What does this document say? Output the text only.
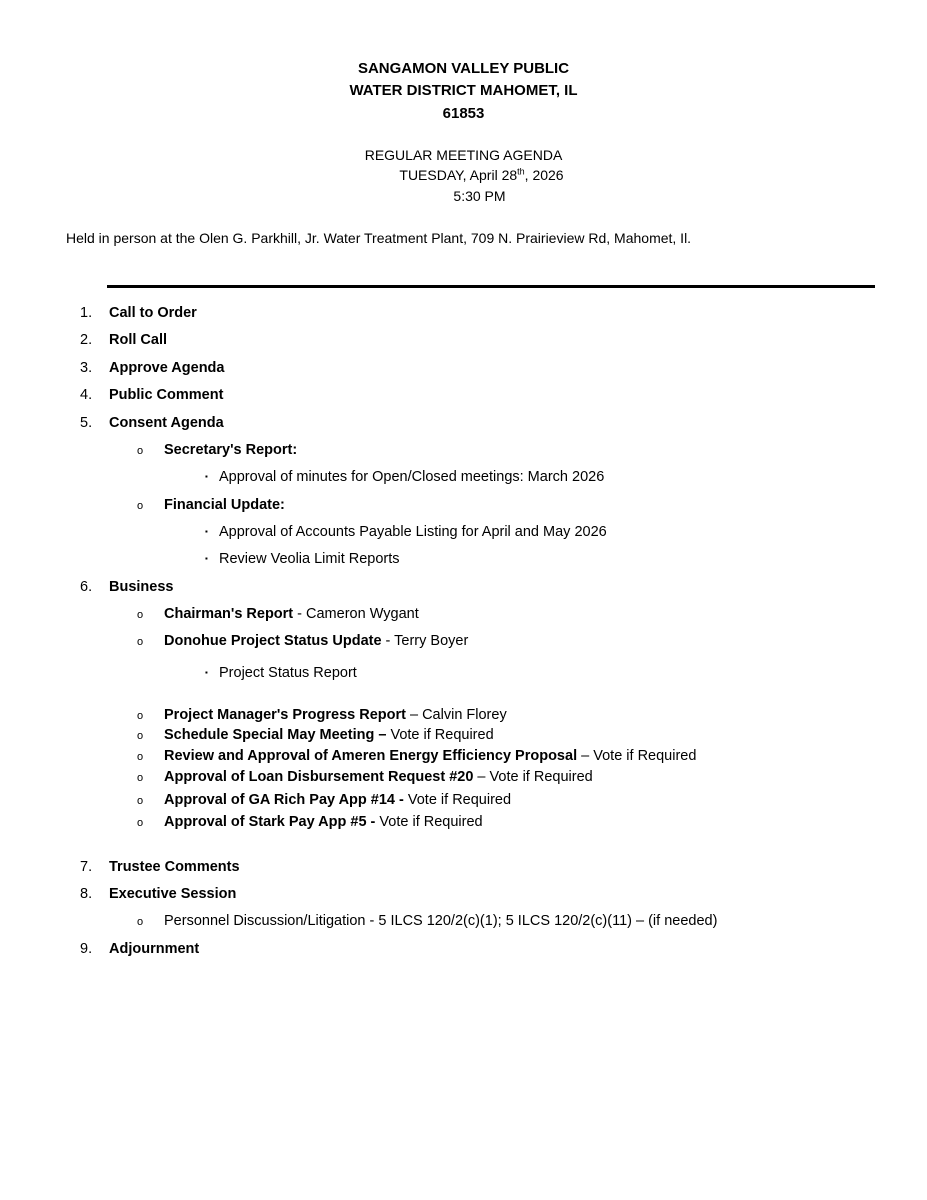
SANGAMON VALLEY PUBLIC
WATER DISTRICT MAHOMET, IL
61853
REGULAR MEETING AGENDA
TUESDAY, April 28th, 2026
5:30 PM
Held in person at the Olen G. Parkhill, Jr. Water Treatment Plant, 709 N. Prairieview Rd, Mahomet, Il.
1.	Call to Order
2.	Roll Call
3.	Approve Agenda
4.	Public Comment
5.	Consent Agenda
o Secretary's Report:
▪ Approval of minutes for Open/Closed meetings: March 2026
o Financial Update:
▪ Approval of Accounts Payable Listing for April and May 2026
▪ Review Veolia Limit Reports
6.	Business
o Chairman's Report - Cameron Wygant
o Donohue Project Status Update - Terry Boyer
▪ Project Status Report
o Project Manager's Progress Report – Calvin Florey
o Schedule Special May Meeting – Vote if Required
o Review and Approval of Ameren Energy Efficiency Proposal – Vote if Required
o Approval of Loan Disbursement Request #20 – Vote if Required
o Approval of GA Rich Pay App #14 - Vote if Required
o Approval of Stark Pay App #5 - Vote if Required
7.	Trustee Comments
8.	Executive Session
o Personnel Discussion/Litigation - 5 ILCS 120/2(c)(1); 5 ILCS 120/2(c)(11) – (if needed)
9.	Adjournment
